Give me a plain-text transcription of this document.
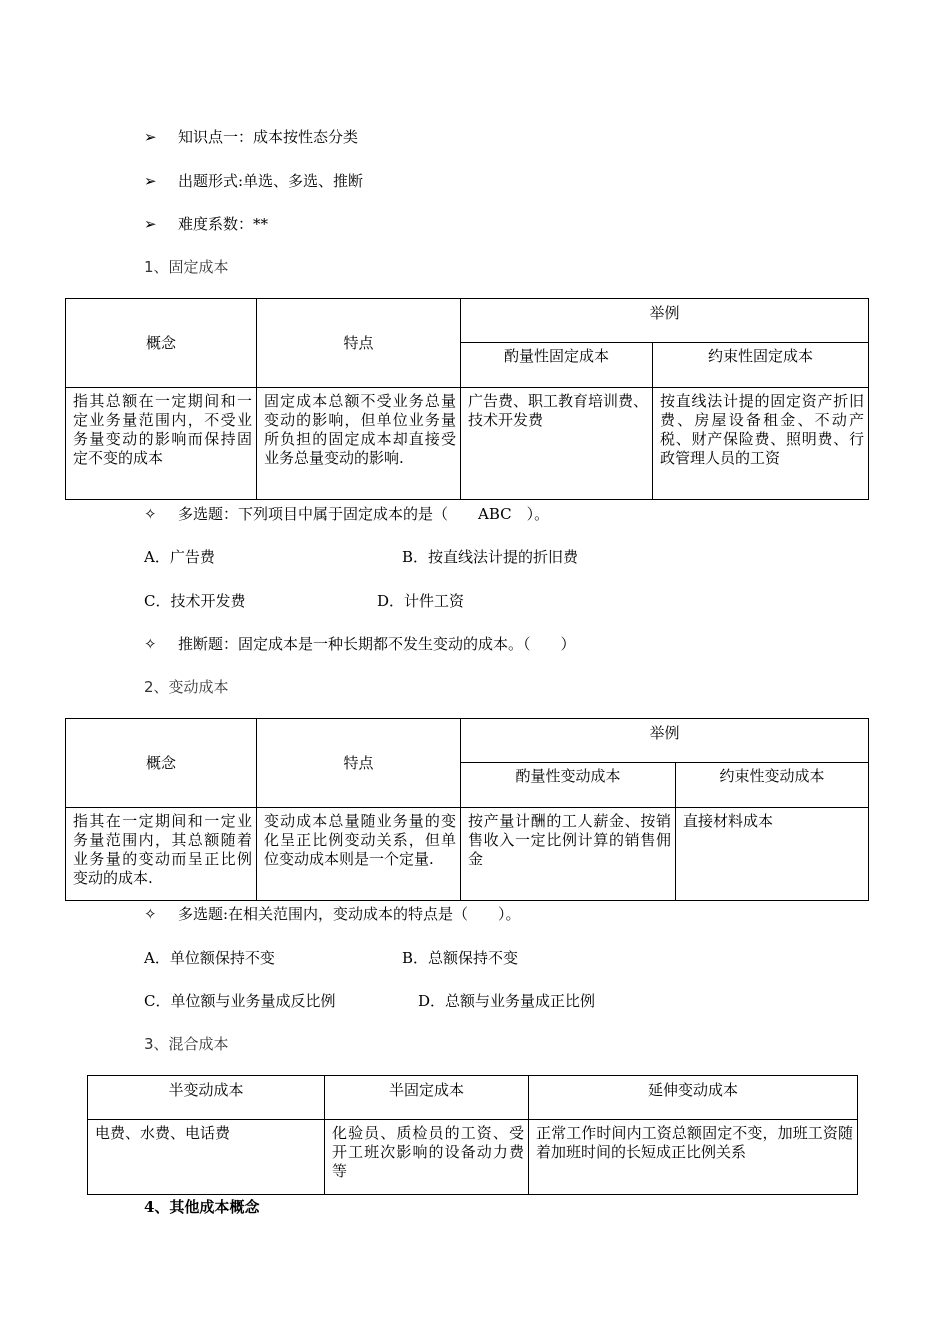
➢ 知识点一：成本按性态分类
➢ 出题形式:单选、多选、推断
➢ 难度系数：**
1、固定成本
概念	特点	举例	

		酌量性固定成本	约束性固定成本

指其总额在一定期间和一定业务量范围内，不受业务量变动的影响而保持固定不变的成本	固定成本总额不受业务总量变动的影响，但单位业务量所负担的固定成本却直接受业务总量变动的影响.	广告费、职工教育培训费、技术开发费	按直线法计提的固定资产折旧费、房屋设备租金、不动产税、财产保险费、照明费、行政管理人员的工资
✧ 多选题：下列项目中属于固定成本的是（　　ABC　）。
A．广告费	B．按直线法计提的折旧费
C．技术开发费	D．计件工资
✧ 推断题：固定成本是一种长期都不发生变动的成本。（　　）
2、变动成本
概念	特点	举例	

		酌量性变动成本	约束性变动成本

指其在一定期间和一定业务量范围内，其总额随着业务量的变动而呈正比例变动的成本.	变动成本总量随业务量的变化呈正比例变动关系，但单位变动成本则是一个定量.	按产量计酬的工人薪金、按销售收入一定比例计算的销售佣金	直接材料成本
✧ 多选题:在相关范围内，变动成本的特点是（　　）。
A．单位额保持不变	B．总额保持不变
C．单位额与业务量成反比例	D．总额与业务量成正比例
3、混合成本
半变动成本	半固定成本	延伸变动成本

电费、水费、电话费	化验员、质检员的工资、受开工班次影响的设备动力费等	正常工作时间内工资总额固定不变，加班工资随着加班时间的长短成正比例关系
4、其他成本概念
